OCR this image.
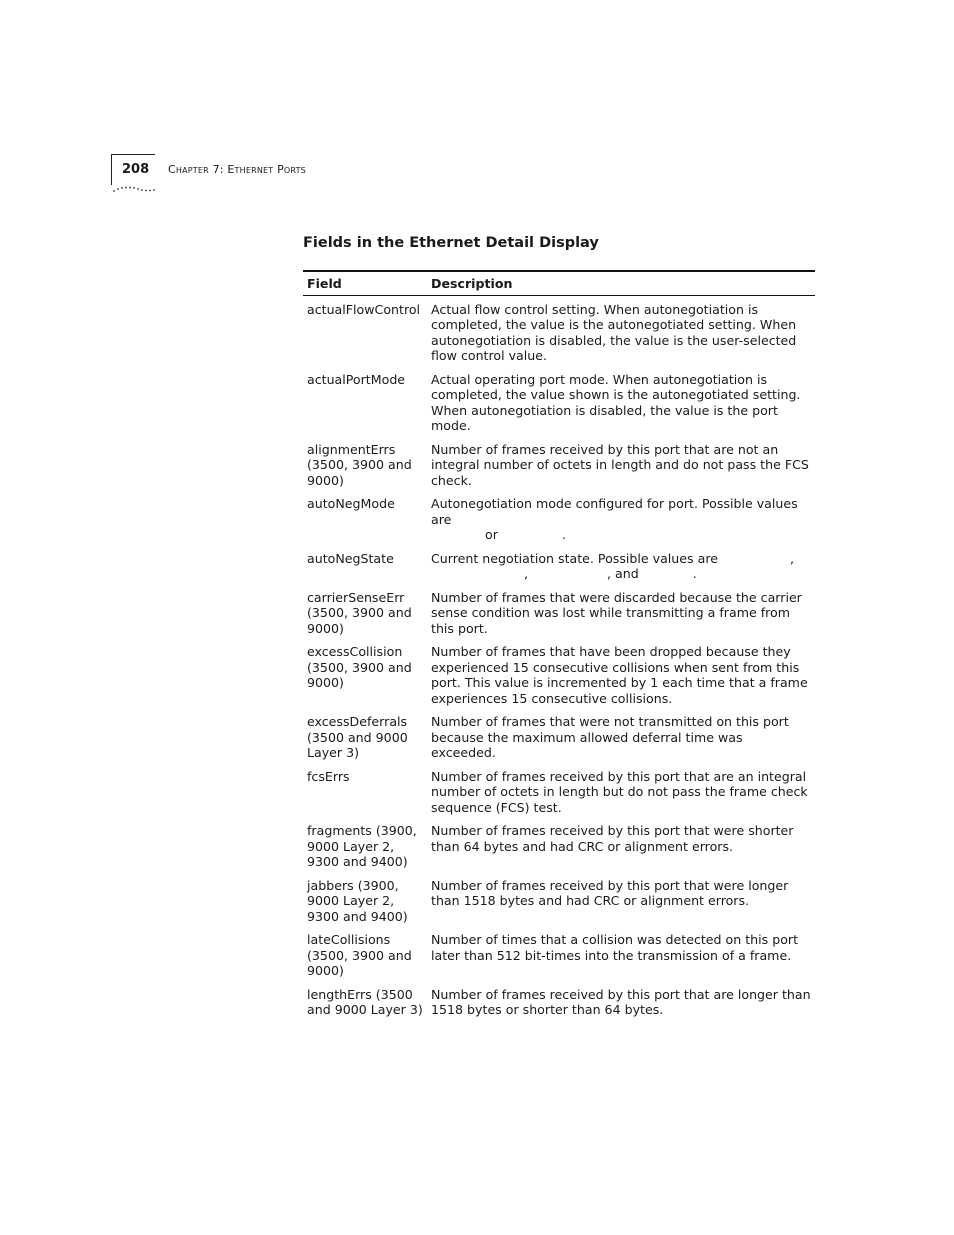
208 Chapter 7: Ethernet Ports
Fields in the Ethernet Detail Display
Field	Description
actualFlowControl	Actual flow control setting. When autonegotiation is completed, the value is the autonegotiated setting. When autonegotiation is disabled, the value is the user-selected flow control value.
actualPortMode	Actual operating port mode. When autonegotiation is completed, the value shown is the autonegotiated setting. When autonegotiation is disabled, the value is the port mode.
alignmentErrs (3500, 3900 and 9000)	Number of frames received by this port that are not an integral number of octets in length and do not pass the FCS check.
autoNegMode	Autonegotiation mode configured for port. Possible values are
or .
autoNegState	Current negotiation state. Possible values are ,
, , and .
carrierSenseErr (3500, 3900 and 9000)	Number of frames that were discarded because the carrier sense condition was lost while transmitting a frame from this port.
excessCollision (3500, 3900 and 9000)	Number of frames that have been dropped because they experienced 15 consecutive collisions when sent from this port. This value is incremented by 1 each time that a frame experiences 15 consecutive collisions.
excessDeferrals (3500 and 9000 Layer 3)	Number of frames that were not transmitted on this port because the maximum allowed deferral time was exceeded.
fcsErrs	Number of frames received by this port that are an integral number of octets in length but do not pass the frame check sequence (FCS) test.
fragments (3900, 9000 Layer 2, 9300 and 9400)	Number of frames received by this port that were shorter than 64 bytes and had CRC or alignment errors.
jabbers (3900, 9000 Layer 2, 9300 and 9400)	Number of frames received by this port that were longer than 1518 bytes and had CRC or alignment errors.
lateCollisions (3500, 3900 and 9000)	Number of times that a collision was detected on this port later than 512 bit-times into the transmission of a frame.
lengthErrs (3500 and 9000 Layer 3)	Number of frames received by this port that are longer than 1518 bytes or shorter than 64 bytes.
